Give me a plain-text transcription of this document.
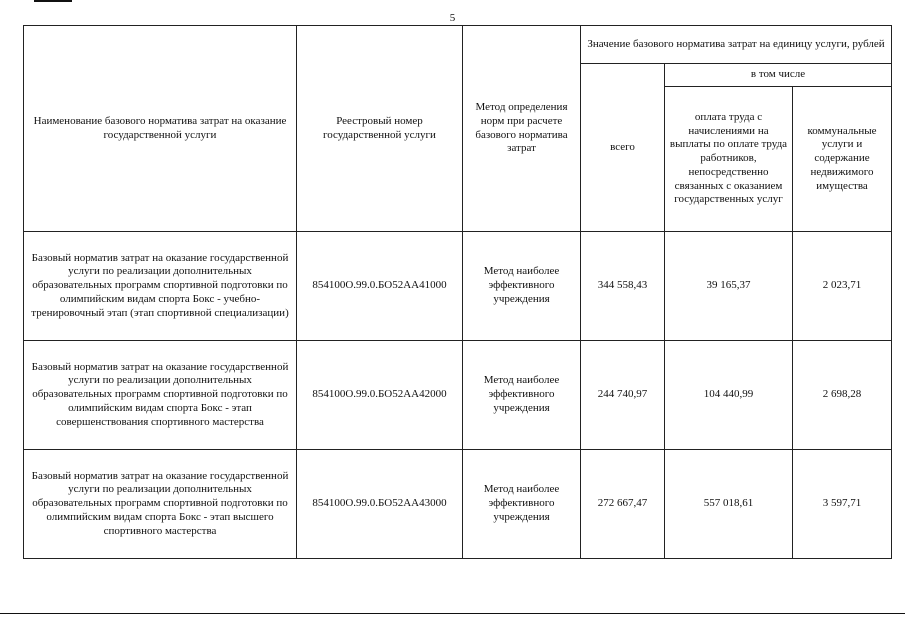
5
Наименование базового норматива затрат на оказание государственной услуги	Реестровый номер государственной услуги	Метод определения норм при расчете базового норматива затрат	Значение базового норматива затрат на единицу услуги, рублей		
			всего	в том числе	
				оплата труда с начислениями на выплаты по оплате труда работников, непосредственно связанных с оказанием государственных услуг	коммунальные услуги и содержание недвижимого имущества
Базовый норматив затрат на оказание государственной услуги по реализации дополнительных образовательных программ спортивной подготовки по олимпийским видам спорта Бокс - учебно-тренировочный этап (этап спортивной специализации)	854100О.99.0.БО52АА41000	Метод наиболее эффективного учреждения	344 558,43	39 165,37	2 023,71
Базовый норматив затрат на оказание государственной услуги по реализации дополнительных образовательных программ спортивной подготовки по олимпийским видам спорта Бокс - этап совершенствования спортивного мастерства	854100О.99.0.БО52АА42000	Метод наиболее эффективного учреждения	244 740,97	104 440,99	2 698,28
Базовый норматив затрат на оказание государственной услуги по реализации дополнительных образовательных программ спортивной подготовки по олимпийским видам спорта Бокс - этап высшего спортивного мастерства	854100О.99.0.БО52АА43000	Метод наиболее эффективного учреждения	272 667,47	557 018,61	3 597,71
